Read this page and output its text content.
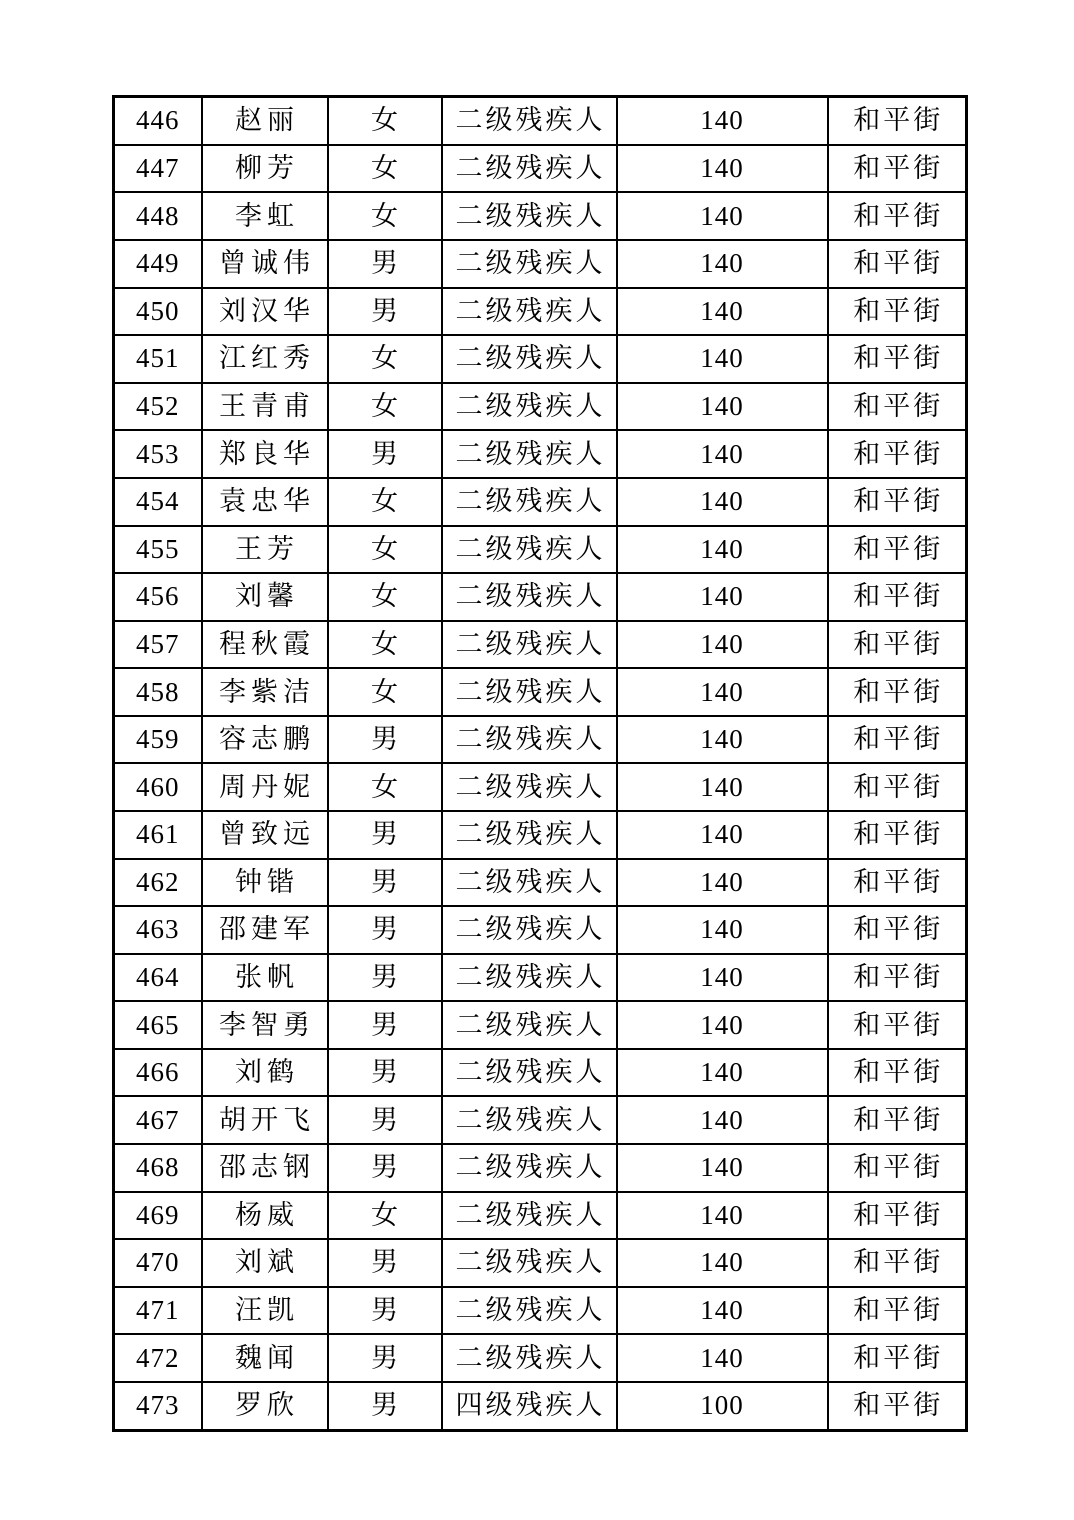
446	赵丽	女	二级残疾人	140	和平街
447	柳芳	女	二级残疾人	140	和平街
448	李虹	女	二级残疾人	140	和平街
449	曾诚伟	男	二级残疾人	140	和平街
450	刘汉华	男	二级残疾人	140	和平街
451	江红秀	女	二级残疾人	140	和平街
452	王青甫	女	二级残疾人	140	和平街
453	郑良华	男	二级残疾人	140	和平街
454	袁忠华	女	二级残疾人	140	和平街
455	王芳	女	二级残疾人	140	和平街
456	刘馨	女	二级残疾人	140	和平街
457	程秋霞	女	二级残疾人	140	和平街
458	李紫洁	女	二级残疾人	140	和平街
459	容志鹏	男	二级残疾人	140	和平街
460	周丹妮	女	二级残疾人	140	和平街
461	曾致远	男	二级残疾人	140	和平街
462	钟锴	男	二级残疾人	140	和平街
463	邵建军	男	二级残疾人	140	和平街
464	张帆	男	二级残疾人	140	和平街
465	李智勇	男	二级残疾人	140	和平街
466	刘鹤	男	二级残疾人	140	和平街
467	胡开飞	男	二级残疾人	140	和平街
468	邵志钢	男	二级残疾人	140	和平街
469	杨威	女	二级残疾人	140	和平街
470	刘斌	男	二级残疾人	140	和平街
471	汪凯	男	二级残疾人	140	和平街
472	魏闻	男	二级残疾人	140	和平街
473	罗欣	男	四级残疾人	100	和平街
